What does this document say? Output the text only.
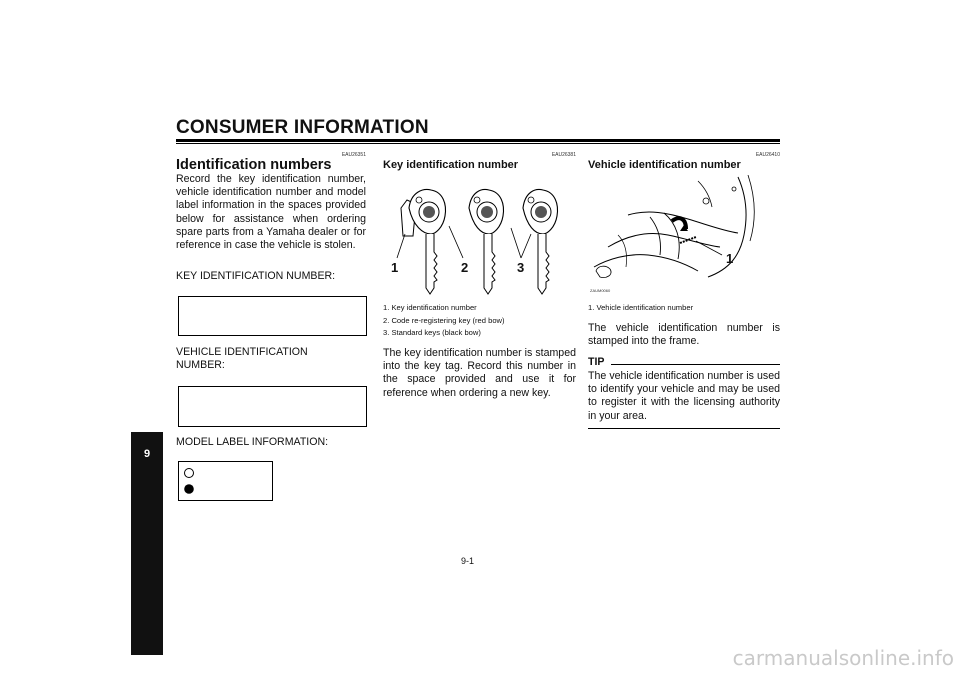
CONSUMER INFORMATION
9
EAU26351
Identification numbers
Record the key identification number, vehicle identification number and model label information in the spaces provided below for assistance when ordering spare parts from a Yamaha dealer or for reference in case the vehicle is stolen.
KEY IDENTIFICATION NUMBER:
VEHICLE IDENTIFICATION
NUMBER:
MODEL LABEL INFORMATION:
EAU26381
Key identification number
1	2	3
1. Key identification number
2. Code re-registering key (red bow)
3. Standard keys (black bow)
The key identification number is stamped into the key tag. Record this number in the space provided and use it for reference when ordering a new key.
EAU26410
Vehicle identification number
1
ZAUM0060
1. Vehicle identification number
The vehicle identification number is stamped into the frame.
TIP
The vehicle identification number is used to identify your vehicle and may be used to register it with the licensing authority in your area.
9-1
carmanualsonline.info
